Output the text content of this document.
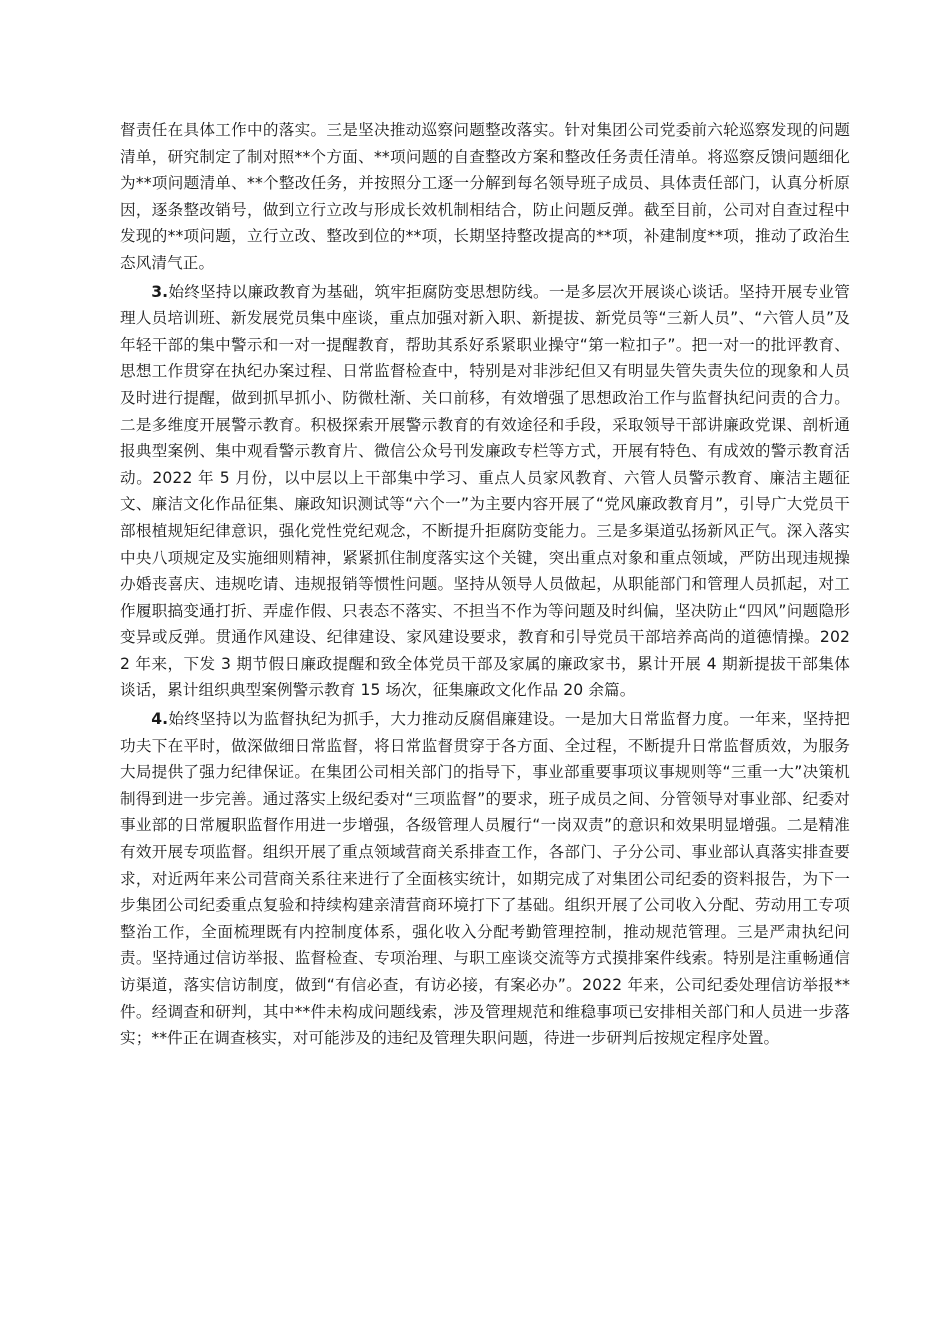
督责任在具体工作中的落实。三是坚决推动巡察问题整改落实。针对集团公司党委前六轮巡察发现的问题清单，研究制定了制对照**个方面、**项问题的自查整改方案和整改任务责任清单。将巡察反馈问题细化为**项问题清单、**个整改任务，并按照分工逐一分解到每名领导班子成员、具体责任部门，认真分析原因，逐条整改销号，做到立行立改与形成长效机制相结合，防止问题反弹。截至目前，公司对自查过程中发现的**项问题，立行立改、整改到位的**项，长期坚持整改提高的**项，补建制度**项，推动了政治生态风清气正。

3.始终坚持以廉政教育为基础，筑牢拒腐防变思想防线。一是多层次开展谈心谈话。坚持开展专业管理人员培训班、新发展党员集中座谈，重点加强对新入职、新提拔、新党员等“三新人员”、“六管人员”及年轻干部的集中警示和一对一提醒教育，帮助其系好系紧职业操守“第一粒扣子”。把一对一的批评教育、思想工作贯穿在执纪办案过程、日常监督检查中，特别是对非涉纪但又有明显失管失责失位的现象和人员及时进行提醒，做到抓早抓小、防微杜渐、关口前移，有效增强了思想政治工作与监督执纪问责的合力。二是多维度开展警示教育。积极探索开展警示教育的有效途径和手段，采取领导干部讲廉政党课、剖析通报典型案例、集中观看警示教育片、微信公众号刊发廉政专栏等方式，开展有特色、有成效的警示教育活动。2022 年 5 月份，以中层以上干部集中学习、重点人员家风教育、六管人员警示教育、廉洁主题征文、廉洁文化作品征集、廉政知识测试等“六个一”为主要内容开展了“党风廉政教育月”，引导广大党员干部根植规矩纪律意识，强化党性党纪观念，不断提升拒腐防变能力。三是多渠道弘扬新风正气。深入落实中央八项规定及实施细则精神，紧紧抓住制度落实这个关键，突出重点对象和重点领域，严防出现违规操办婚丧喜庆、违规吃请、违规报销等惯性问题。坚持从领导人员做起，从职能部门和管理人员抓起，对工作履职搞变通打折、弄虚作假、只表态不落实、不担当不作为等问题及时纠偏，坚决防止“四风”问题隐形变异或反弹。贯通作风建设、纪律建设、家风建设要求，教育和引导党员干部培养高尚的道德情操。2022 年来，下发 3 期节假日廉政提醒和致全体党员干部及家属的廉政家书，累计开展 4 期新提拔干部集体谈话，累计组织典型案例警示教育 15 场次，征集廉政文化作品 20 余篇。

4.始终坚持以为监督执纪为抓手，大力推动反腐倡廉建设。一是加大日常监督力度。一年来，坚持把功夫下在平时，做深做细日常监督，将日常监督贯穿于各方面、全过程，不断提升日常监督质效，为服务大局提供了强力纪律保证。在集团公司相关部门的指导下，事业部重要事项议事规则等“三重一大”决策机制得到进一步完善。通过落实上级纪委对“三项监督”的要求，班子成员之间、分管领导对事业部、纪委对事业部的日常履职监督作用进一步增强，各级管理人员履行“一岗双责”的意识和效果明显增强。二是精准有效开展专项监督。组织开展了重点领域营商关系排查工作，各部门、子分公司、事业部认真落实排查要求，对近两年来公司营商关系往来进行了全面核实统计，如期完成了对集团公司纪委的资料报告，为下一步集团公司纪委重点复验和持续构建亲清营商环境打下了基础。组织开展了公司收入分配、劳动用工专项整治工作，全面梳理既有内控制度体系，强化收入分配考勤管理控制，推动规范管理。三是严肃执纪问责。坚持通过信访举报、监督检查、专项治理、与职工座谈交流等方式摸排案件线索。特别是注重畅通信访渠道，落实信访制度，做到“有信必查，有访必接，有案必办”。2022 年来，公司纪委处理信访举报**件。经调查和研判，其中**件未构成问题线索，涉及管理规范和维稳事项已安排相关部门和人员进一步落实；**件正在调查核实，对可能涉及的违纪及管理失职问题，待进一步研判后按规定程序处置。
